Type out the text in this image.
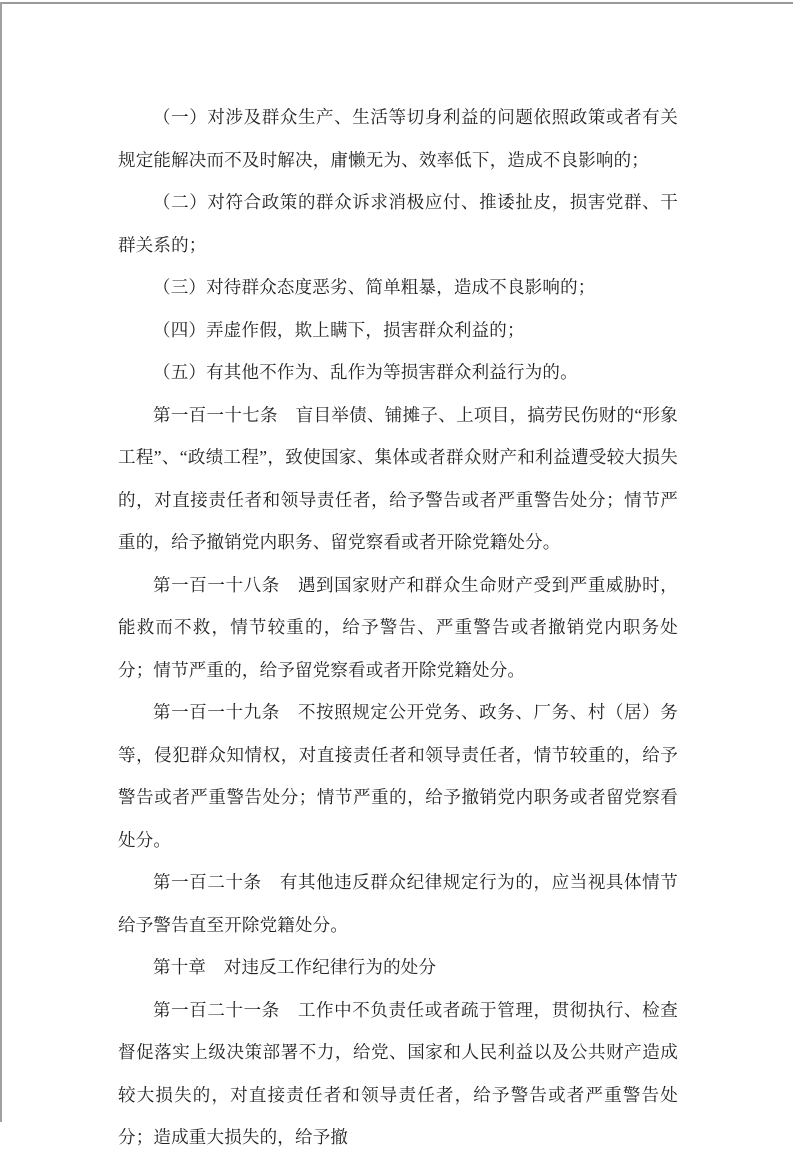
（一）对涉及群众生产、生活等切身利益的问题依照政策或者有关规定能解决而不及时解决，庸懒无为、效率低下，造成不良影响的；

（二）对符合政策的群众诉求消极应付、推诿扯皮，损害党群、干群关系的；

（三）对待群众态度恶劣、简单粗暴，造成不良影响的；

（四）弄虚作假，欺上瞒下，损害群众利益的；

（五）有其他不作为、乱作为等损害群众利益行为的。

第一百一十七条　盲目举债、铺摊子、上项目，搞劳民伤财的“形象工程”、“政绩工程”，致使国家、集体或者群众财产和利益遭受较大损失的，对直接责任者和领导责任者，给予警告或者严重警告处分；情节严重的，给予撤销党内职务、留党察看或者开除党籍处分。

第一百一十八条　遇到国家财产和群众生命财产受到严重威胁时，能救而不救，情节较重的，给予警告、严重警告或者撤销党内职务处分；情节严重的，给予留党察看或者开除党籍处分。

第一百一十九条　不按照规定公开党务、政务、厂务、村（居）务等，侵犯群众知情权，对直接责任者和领导责任者，情节较重的，给予警告或者严重警告处分；情节严重的，给予撤销党内职务或者留党察看处分。

第一百二十条　有其他违反群众纪律规定行为的，应当视具体情节给予警告直至开除党籍处分。

第十章　对违反工作纪律行为的处分

第一百二十一条　工作中不负责任或者疏于管理，贯彻执行、检查督促落实上级决策部署不力，给党、国家和人民利益以及公共财产造成较大损失的，对直接责任者和领导责任者，给予警告或者严重警告处分；造成重大损失的，给予撤
